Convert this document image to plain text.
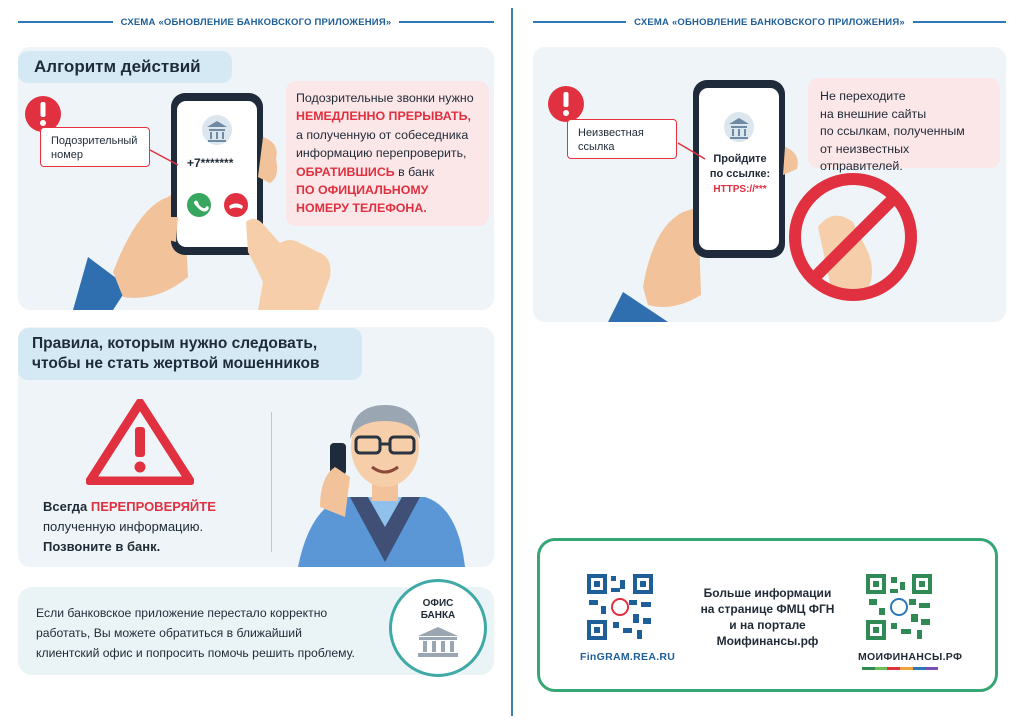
СХЕМА «ОБНОВЛЕНИЕ БАНКОВСКОГО ПРИЛОЖЕНИЯ»	СХЕМА «ОБНОВЛЕНИЕ БАНКОВСКОГО ПРИЛОЖЕНИЯ»
Алгоритм действий
Подозрительный
номер
+7*******

Подозрительные звонки нужно
НЕМЕДЛЕННО ПРЕРЫВАТЬ,
а полученную от собеседника
информацию перепроверить,
ОБРАТИВШИСЬ в банк
ПО ОФИЦИАЛЬНОМУ
НОМЕРУ ТЕЛЕФОНА.

Правила, которым нужно следовать,
чтобы не стать жертвой мошенников
Всегда ПЕРЕПРОВЕРЯЙТЕ
полученную информацию.
Позвоните в банк.

Если банковское приложение перестало корректно
работать, Вы можете обратиться в ближайший
клиентский офис и попросить помочь решить проблему.

ОФИС
БАНКА
Неизвестная
ссылка
Пройдите
по ссылке:
HTTPS://***

Не переходите
на внешние сайты
по ссылкам, полученным
от неизвестных отправителей.

FinGRAM.REA.RU
Больше информации
на странице ФМЦ ФГН
и на портале
Моифинансы.рф
МОИФИНАНСЫ.РФ
